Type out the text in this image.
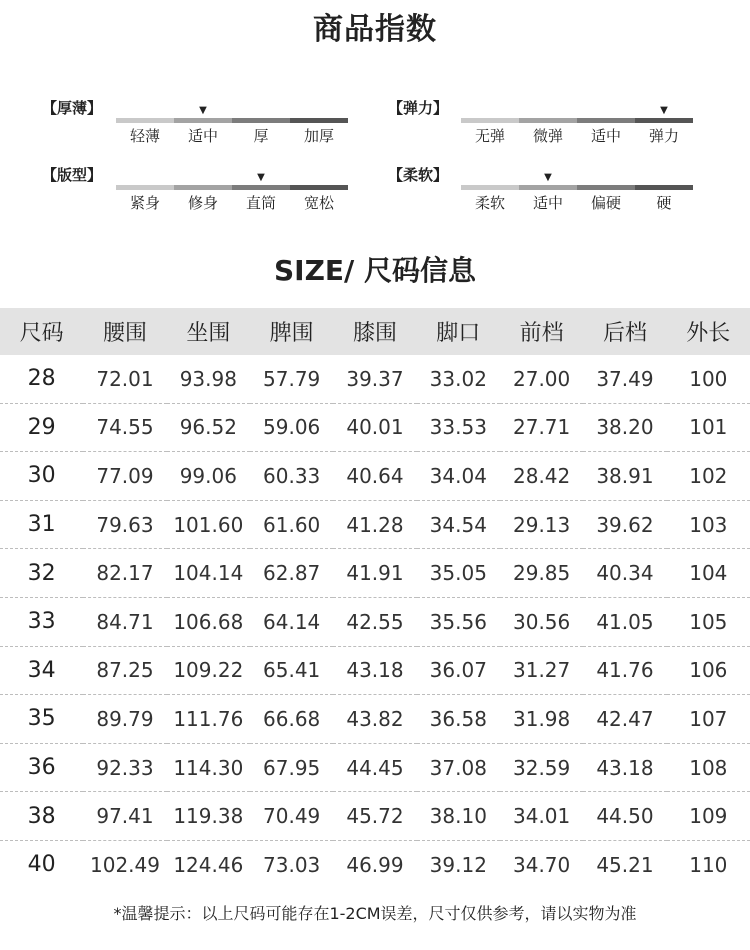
商品指数
【厚薄】	▼
轻薄	适中	厚	加厚
【弹力】	▼
无弹	微弹	适中	弹力
【版型】	▼
紧身	修身	直筒	宽松
【柔软】	▼
柔软	适中	偏硬	硬
SIZE/ 尺码信息
尺码	腰围	坐围	脾围	膝围	脚口	前档	后档	外长
28	72.01	93.98	57.79	39.37	33.02	27.00	37.49	100
29	74.55	96.52	59.06	40.01	33.53	27.71	38.20	101
30	77.09	99.06	60.33	40.64	34.04	28.42	38.91	102
31	79.63	101.60	61.60	41.28	34.54	29.13	39.62	103
32	82.17	104.14	62.87	41.91	35.05	29.85	40.34	104
33	84.71	106.68	64.14	42.55	35.56	30.56	41.05	105
34	87.25	109.22	65.41	43.18	36.07	31.27	41.76	106
35	89.79	111.76	66.68	43.82	36.58	31.98	42.47	107
36	92.33	114.30	67.95	44.45	37.08	32.59	43.18	108
38	97.41	119.38	70.49	45.72	38.10	34.01	44.50	109
40	102.49	124.46	73.03	46.99	39.12	34.70	45.21	110
*温馨提示：以上尺码可能存在1-2CM误差，尺寸仅供参考，请以实物为准
